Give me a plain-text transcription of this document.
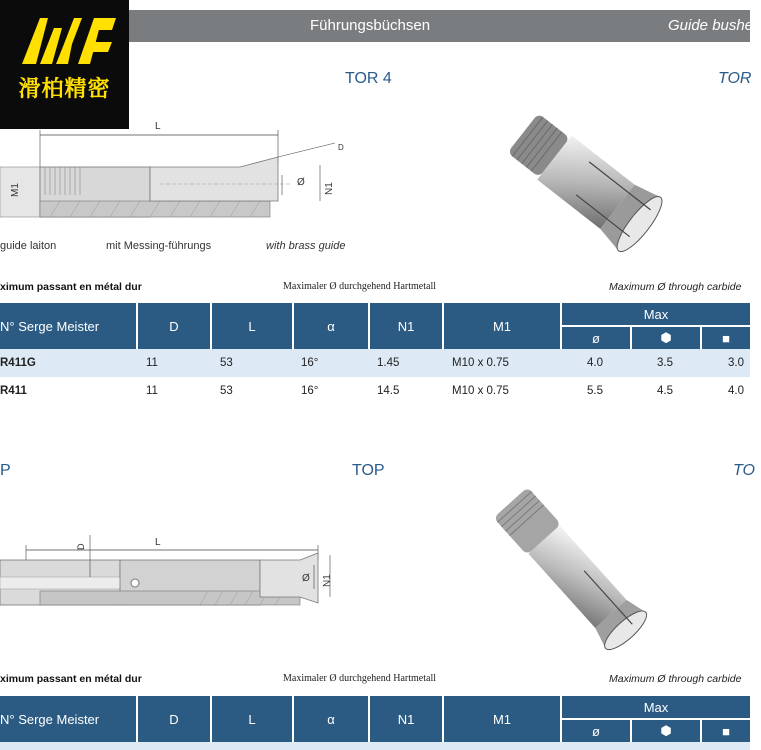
滑柏精密
Führungsbüchsen	Guide bushes
TOR 4	TOR
L
Ø N1
D
M1
guide laiton	mit Messing-führungs	with brass guide
ximum passant en métal dur	Maximaler Ø durchgehend Hartmetall	Maximum Ø through carbide
N° Serge Meister	D	L	α	N1	M1
Max
ø	⬢	■
R411G	11	53	16°	1.45	M10 x 0.75	4.0	3.5	3.0
R411	11	53	16°	14.5	M10 x 0.75	5.5	4.5	4.0
P	TOP	TO
L
D
Ø N1
ximum passant en métal dur	Maximaler Ø durchgehend Hartmetall	Maximum Ø through carbide
N° Serge Meister	D	L	α	N1	M1
Max
ø	⬢	■
